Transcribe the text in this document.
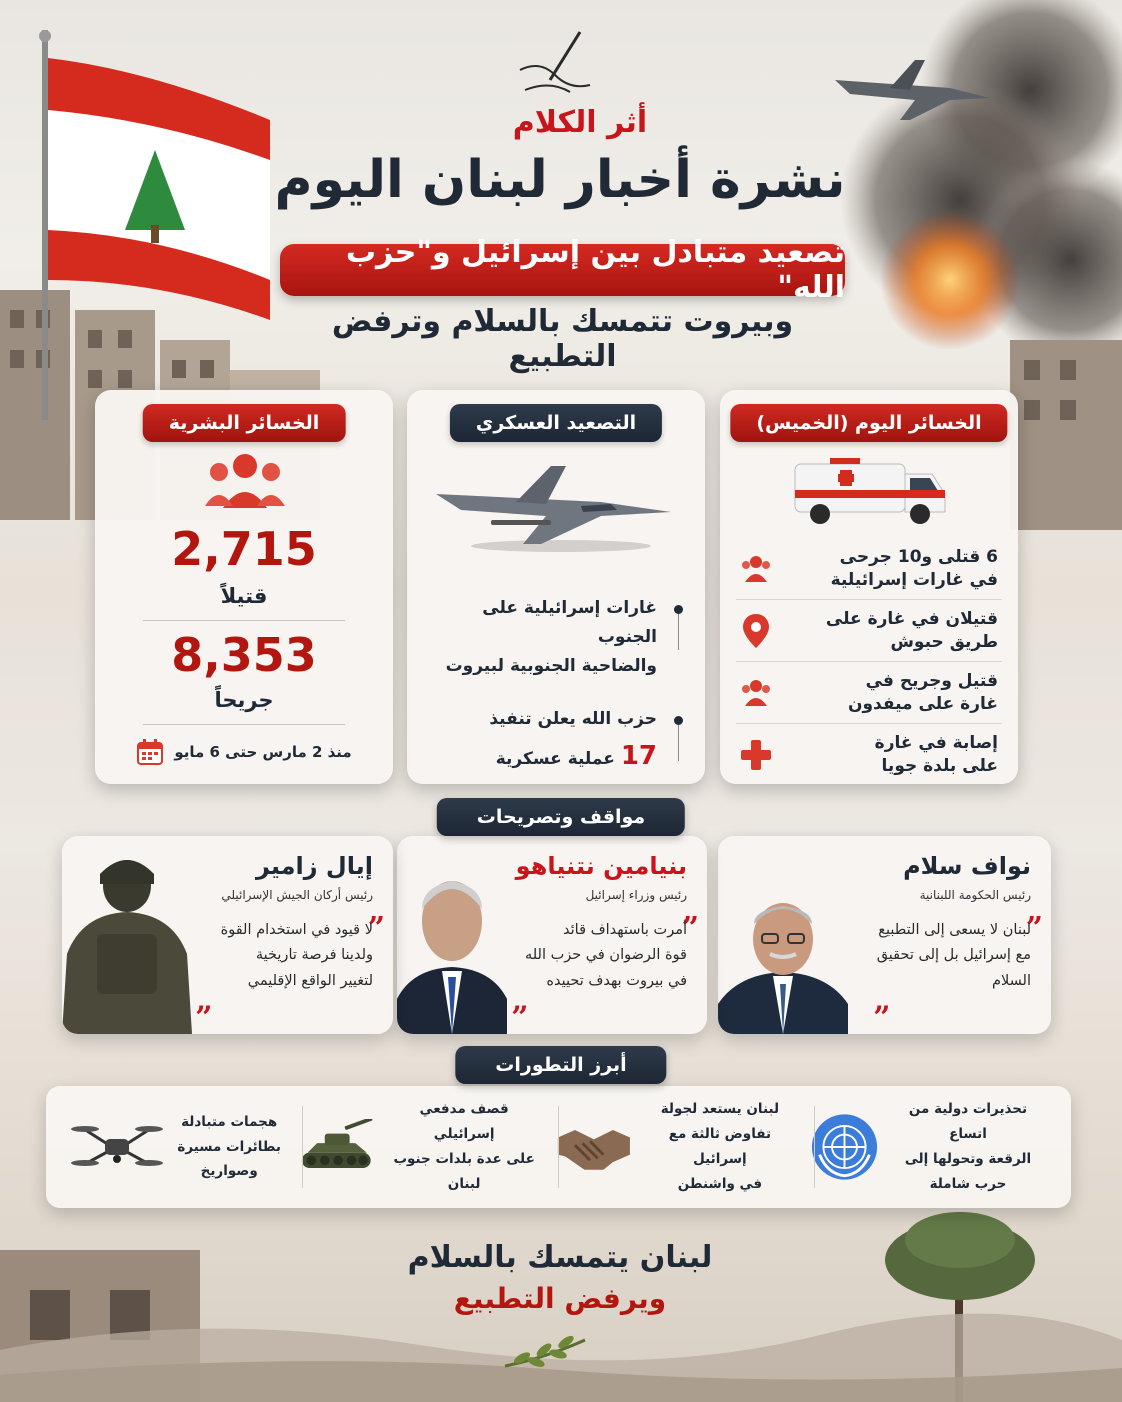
أثر الكلام
نشرة أخبار لبنان اليوم
تصعيد متبادل بين إسرائيل و"حزب الله"
وبيروت تتمسك بالسلام وترفض التطبيع
الخسائر اليوم (الخميس)
6 قتلى و10 جرحى
في غارات إسرائيلية
قتيلان في غارة على
طريق حبوش
قتيل وجريح في
غارة على ميفدون
إصابة في غارة
على بلدة جويا
التصعيد العسكري
غارات إسرائيلية على الجنوب
والضاحية الجنوبية لبيروت
حزب الله يعلن تنفيذ
17 عملية عسكرية
الخسائر البشرية
2,715
قتيلاً
8,353
جريحاً
منذ 2 مارس حتى 6 مايو
مواقف وتصريحات
نواف سلام
رئيس الحكومة اللبنانية
”
لبنان لا يسعى إلى التطبيع
مع إسرائيل بل إلى تحقيق
السلام
„
بنيامين نتنياهو
رئيس وزراء إسرائيل
”
أمرت باستهداف قائد
قوة الرضوان في حزب الله
في بيروت بهدف تحييده
„
إيال زامير
رئيس أركان الجيش الإسرائيلي
”
لا قيود في استخدام القوة
ولدينا فرصة تاريخية
لتغيير الواقع الإقليمي
„
أبرز التطورات
تحذيرات دولية من اتساع
الرقعة وتحولها إلى
حرب شاملة
لبنان يستعد لجولة
تفاوض ثالثة مع إسرائيل
في واشنطن
قصف مدفعي إسرائيلي
على عدة بلدات جنوب
لبنان
هجمات متبادلة
بطائرات مسيرة
وصواريخ
لبنان يتمسك بالسلام
ويرفض التطبيع
